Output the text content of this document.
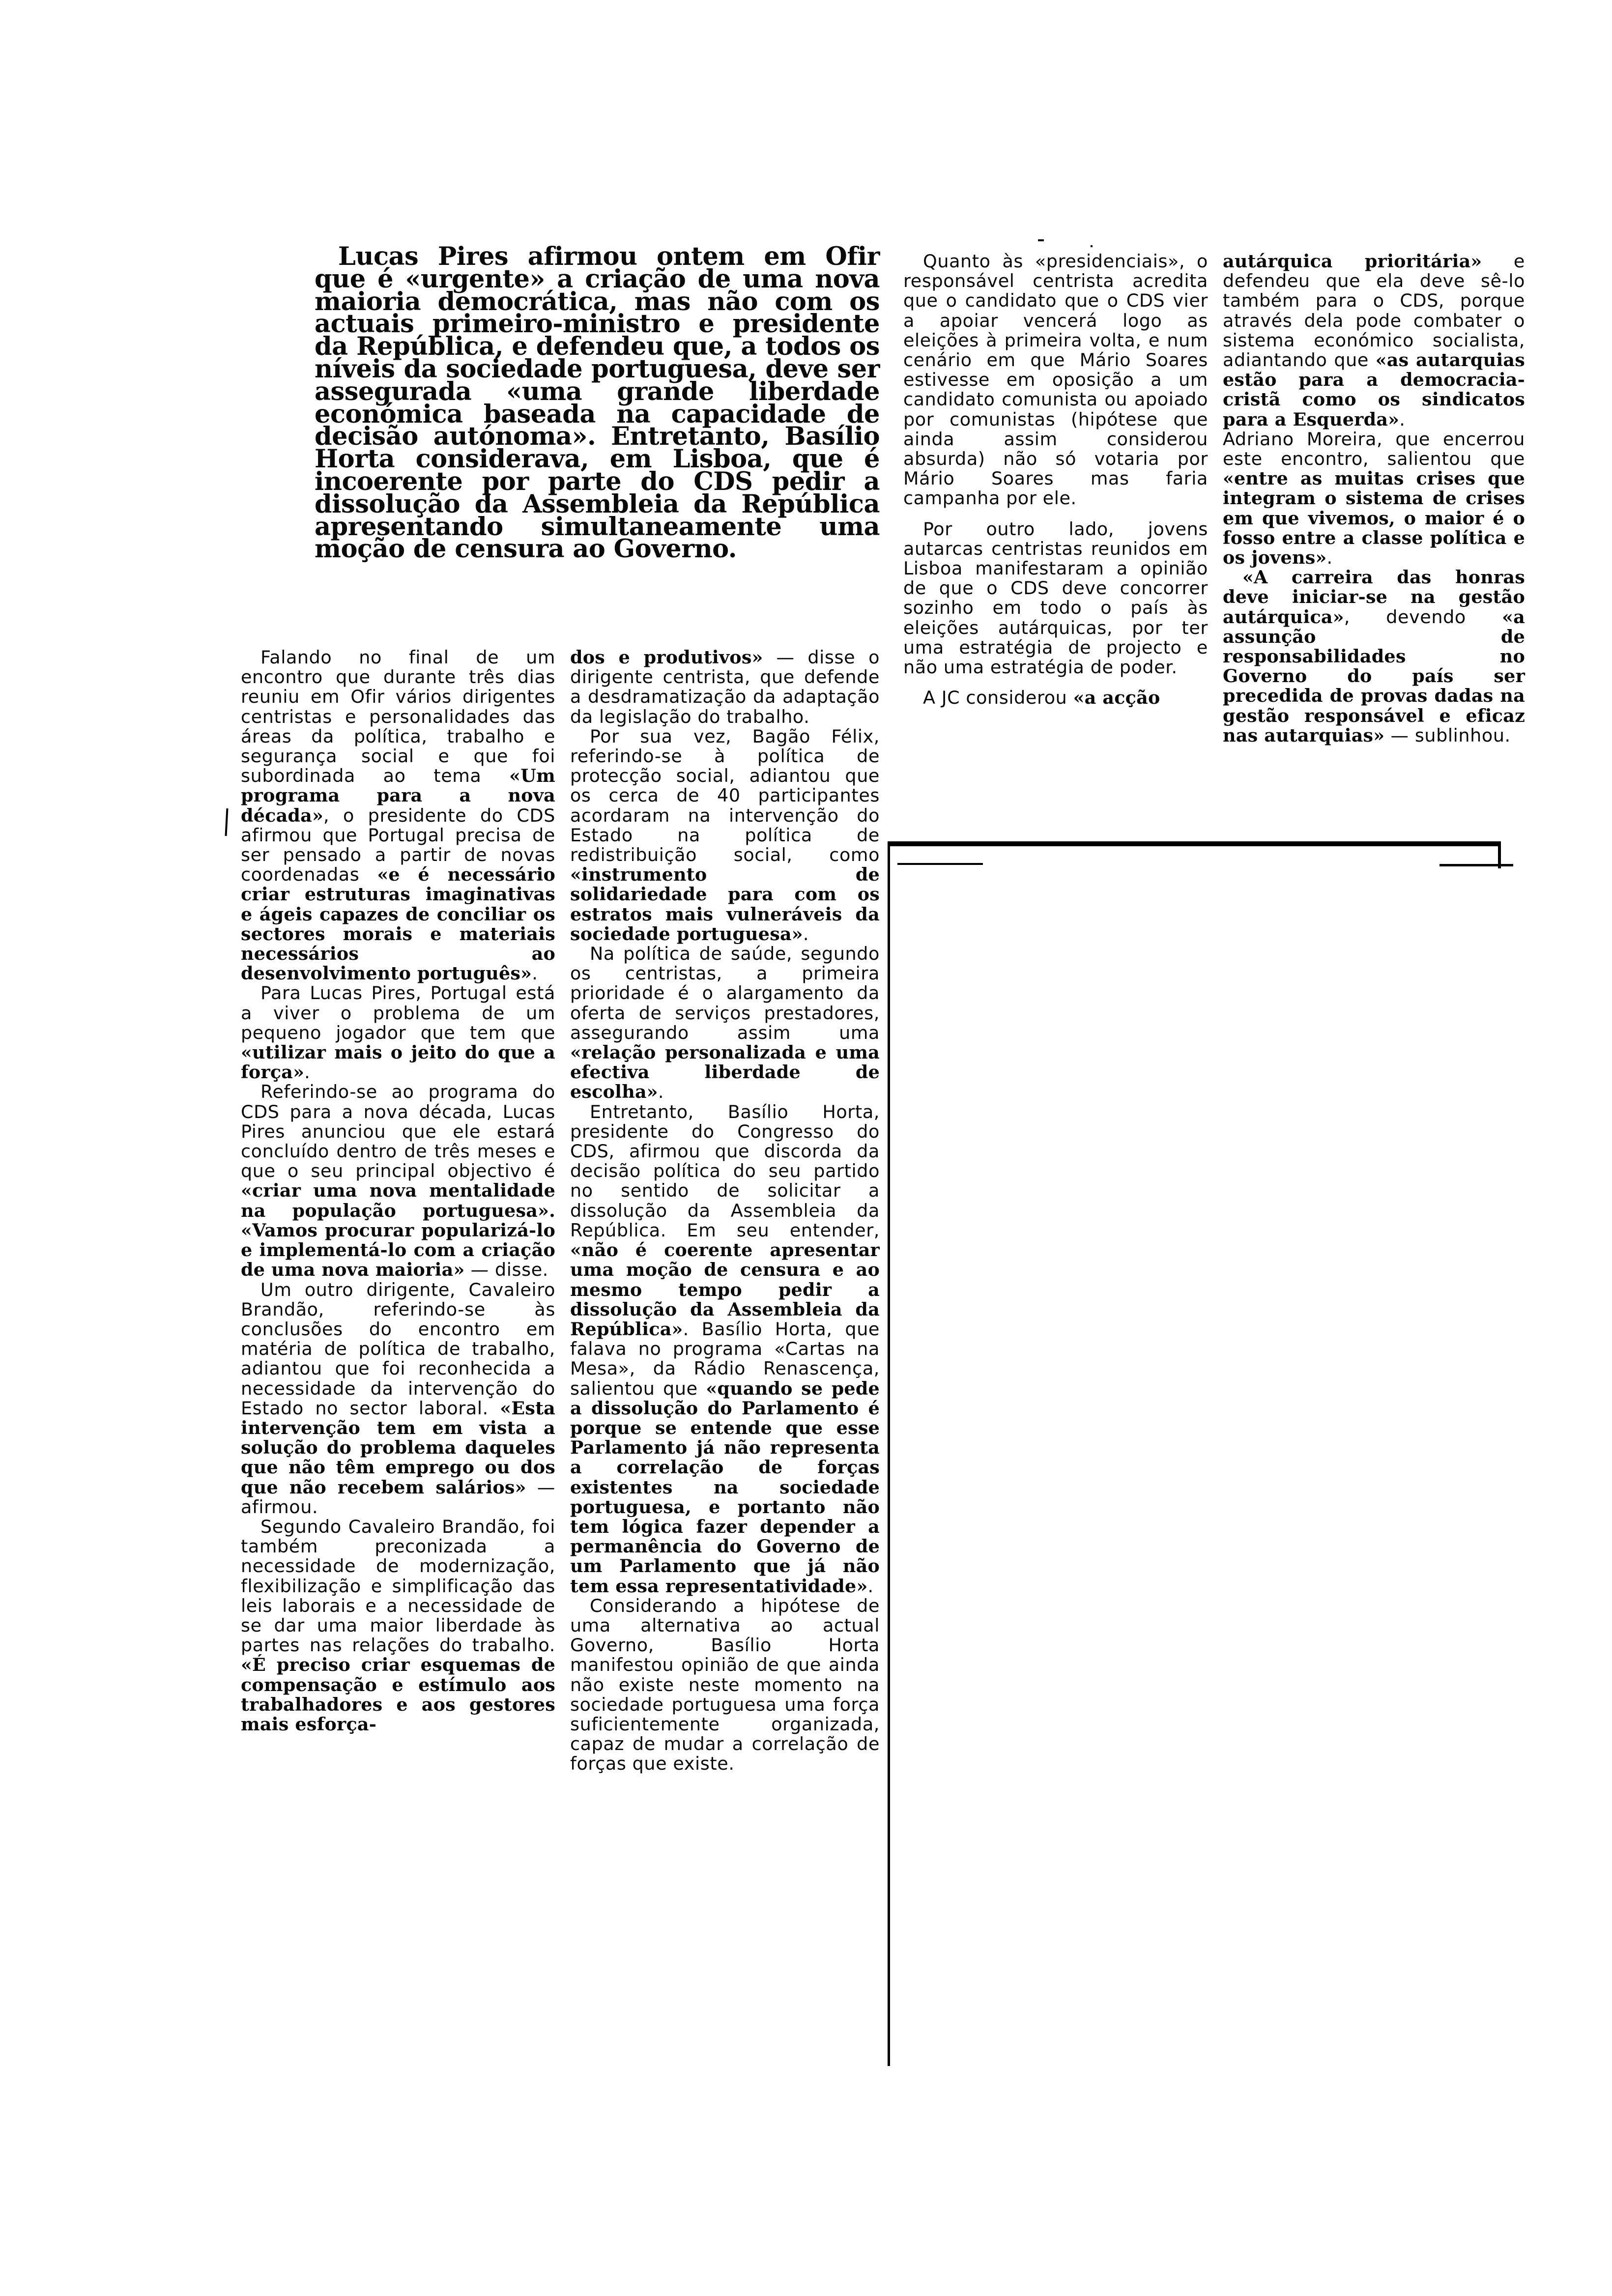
Lucas Pires afirmou ontem em Ofir que é «urgente» a criação de uma nova maioria democrática, mas não com os actuais primeiro-ministro e presidente da República, e defendeu que, a todos os níveis da sociedade portuguesa, deve ser assegurada «uma grande liberdade económica baseada na capacidade de decisão autónoma». Entretanto, Basílio Horta considerava, em Lisboa, que é incoerente por parte do CDS pedir a dissolução da Assembleia da República apresentando simultaneamente uma moção de censura ao Governo.

Falando no final de um encontro que durante três dias reuniu em Ofir vários dirigentes centristas e personalidades das áreas da política, trabalho e segurança social e que foi subordinada ao tema «Um programa para a nova década», o presidente do CDS afirmou que Portugal precisa de ser pensado a partir de novas coordenadas «e é necessário criar estruturas imaginativas e ágeis capazes de conciliar os sectores morais e materiais necessários ao desenvolvimento português».

Para Lucas Pires, Portugal está a viver o problema de um pequeno jogador que tem que «utilizar mais o jeito do que a força».

Referindo-se ao programa do CDS para a nova década, Lucas Pires anunciou que ele estará concluído dentro de três meses e que o seu principal objectivo é «criar uma nova mentalidade na população portuguesa». «Vamos procurar popularizá-lo e implementá-lo com a criação de uma nova maioria» — disse.

Um outro dirigente, Cavaleiro Brandão, referindo-se às conclusões do encontro em matéria de política de trabalho, adiantou que foi reconhecida a necessidade da intervenção do Estado no sector laboral. «Esta intervenção tem em vista a solução do problema daqueles que não têm emprego ou dos que não recebem salários» — afirmou.

Segundo Cavaleiro Brandão, foi também preconizada a necessidade de modernização, flexibilização e simplificação das leis laborais e a necessidade de se dar uma maior liberdade às partes nas relações do trabalho. «É preciso criar esquemas de compensação e estímulo aos trabalhadores e aos gestores mais esforça-

dos e produtivos» — disse o dirigente centrista, que defende a desdramatização da adaptação da legislação do trabalho.

Por sua vez, Bagão Félix, referindo-se à política de protecção social, adiantou que os cerca de 40 participantes acordaram na intervenção do Estado na política de redistribuição social, como «instrumento de solidariedade para com os estratos mais vulneráveis da sociedade portuguesa».

Na política de saúde, segundo os centristas, a primeira prioridade é o alargamento da oferta de serviços prestadores, assegurando assim uma «relação personalizada e uma efectiva liberdade de escolha».

Entretanto, Basílio Horta, presidente do Congresso do CDS, afirmou que discorda da decisão política do seu partido no sentido de solicitar a dissolução da Assembleia da República. Em seu entender, «não é coerente apresentar uma moção de censura e ao mesmo tempo pedir a dissolução da Assembleia da República». Basílio Horta, que falava no programa «Cartas na Mesa», da Rádio Renascença, salientou que «quando se pede a dissolução do Parlamento é porque se entende que esse Parlamento já não representa a correlação de forças existentes na sociedade portuguesa, e portanto não tem lógica fazer depender a permanência do Governo de um Parlamento que já não tem essa representatividade».

Considerando a hipótese de uma alternativa ao actual Governo, Basílio Horta manifestou opinião de que ainda não existe neste momento na sociedade portuguesa uma força suficientemente organizada, capaz de mudar a correlação de forças que existe.

Quanto às «presidenciais», o responsável centrista acredita que o candidato que o CDS vier a apoiar vencerá logo as eleições à primeira volta, e num cenário em que Mário Soares estivesse em oposição a um candidato comunista ou apoiado por comunistas (hipótese que ainda assim considerou absurda) não só votaria por Mário Soares mas faria campanha por ele.

Por outro lado, jovens autarcas centristas reunidos em Lisboa manifestaram a opinião de que o CDS deve concorrer sozinho em todo o país às eleições autárquicas, por ter uma estratégia de projecto e não uma estratégia de poder.

A JC considerou «a acção

autárquica prioritária» e defendeu que ela deve sê-lo também para o CDS, porque através dela pode combater o sistema económico socialista, adiantando que «as autarquias estão para a democracia-cristã como os sindicatos para a Esquerda».

Adriano Moreira, que encerrou este encontro, salientou que «entre as muitas crises que integram o sistema de crises em que vivemos, o maior é o fosso entre a classe política e os jovens».

«A carreira das honras deve iniciar-se na gestão autárquica», devendo «a assunção de responsabilidades no Governo do país ser precedida de provas dadas na gestão responsável e eficaz nas autarquias» — sublinhou.
